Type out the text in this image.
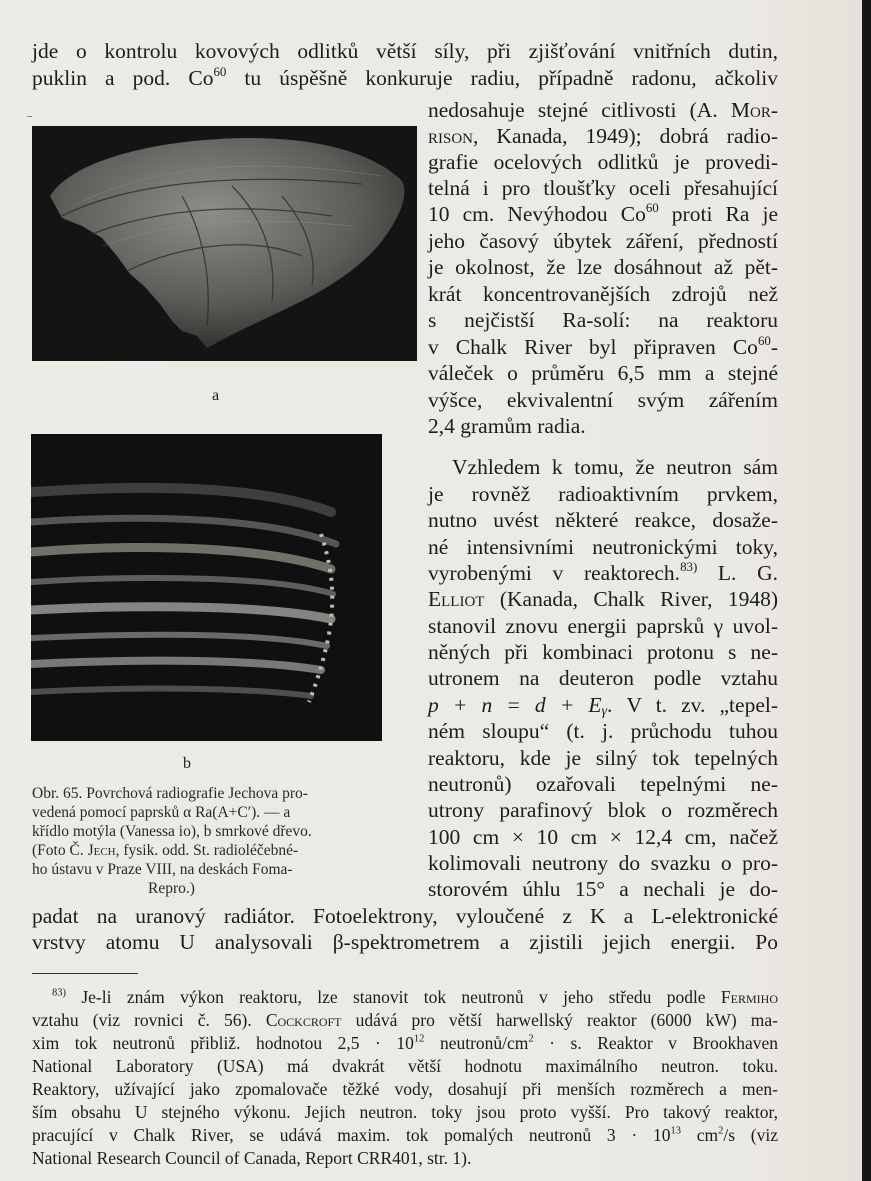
jde o kontrolu kovových odlitků větší síly, při zjišťování vnitřních dutin,
puklin a pod. Co$^{60}$ tu úspěšně konkuruje radiu, případně radonu, ačkoliv
nedosahuje stejné citlivosti (A. Mor-
rison, Kanada, 1949); dobrá radio-
grafie ocelových odlitků je provedi-
telná i pro tloušťky oceli přesahující
10 cm. Nevýhodou Co$^{60}$ proti Ra je
jeho časový úbytek záření, předností
je okolnost, že lze dosáhnout až pět-
krát koncentrovanějších zdrojů než
s nejčistší Ra-solí: na reaktoru
v Chalk River byl připraven Co$^{60}$-
váleček o průměru 6,5 mm a stejné
výšce, ekvivalentní svým zářením
2,4 gramům radia.
Vzhledem k tomu, že neutron sám
je rovněž radioaktivním prvkem,
nutno uvést některé reakce, dosaže-
né intensivními neutronickými toky,
vyrobenými v reaktorech.$^{83)}$ L. G.
Elliot (Kanada, Chalk River, 1948)
stanovil znovu energii paprsků γ uvol-
něných při kombinaci protonu s ne-
utronem na deuteron podle vztahu
$p + n = d + E_\gamma$. V t. zv. „tepel-
ném sloupu“ (t. j. průchodu tuhou
reaktoru, kde je silný tok tepelných
neutronů) ozařovali tepelnými ne-
utrony parafinový blok o rozměrech
100 cm × 10 cm × 12,4 cm, načež
kolimovali neutrony do svazku o pro-
storovém úhlu 15° a nechali je do-
padat na uranový radiátor. Fotoelektrony, vyloučené z K a L-elektronické
vrstvy atomu U analysovali β-spektrometrem a zjistili jejich energii. Po
a
b
Obr. 65. Povrchová radiografie Jechova pro-
vedená pomocí paprsků α Ra(A+C′). — a
křídlo motýla (Vanessa io), b smrkové dřevo.
(Foto Č. Jech, fysik. odd. St. radioléčebné-
ho ústavu v Praze VIII, na deskách Foma-
Repro.)
$^{83)}$ Je-li znám výkon reaktoru, lze stanovit tok neutronů v jeho středu podle Fermiho
vztahu (viz rovnici č. 56). Cockcroft udává pro větší harwellský reaktor (6000 kW) ma-
xim tok neutronů přibliž. hodnotou $2,5 \cdot 10^{12}$ neutronů/$cm^2 \cdot s$. Reaktor v Brookhaven
National Laboratory (USA) má dvakrát větší hodnotu maximálního neutron. toku.
Reaktory, užívající jako zpomalovače těžké vody, dosahují při menších rozměrech a men-
ším obsahu U stejného výkonu. Jejich neutron. toky jsou proto vyšší. Pro takový reaktor,
pracující v Chalk River, se udává maxim. tok pomalých neutronů $3 \cdot 10^{13}$ $cm^2/s$ (viz
National Research Council of Canada, Report CRR401, str. 1).
